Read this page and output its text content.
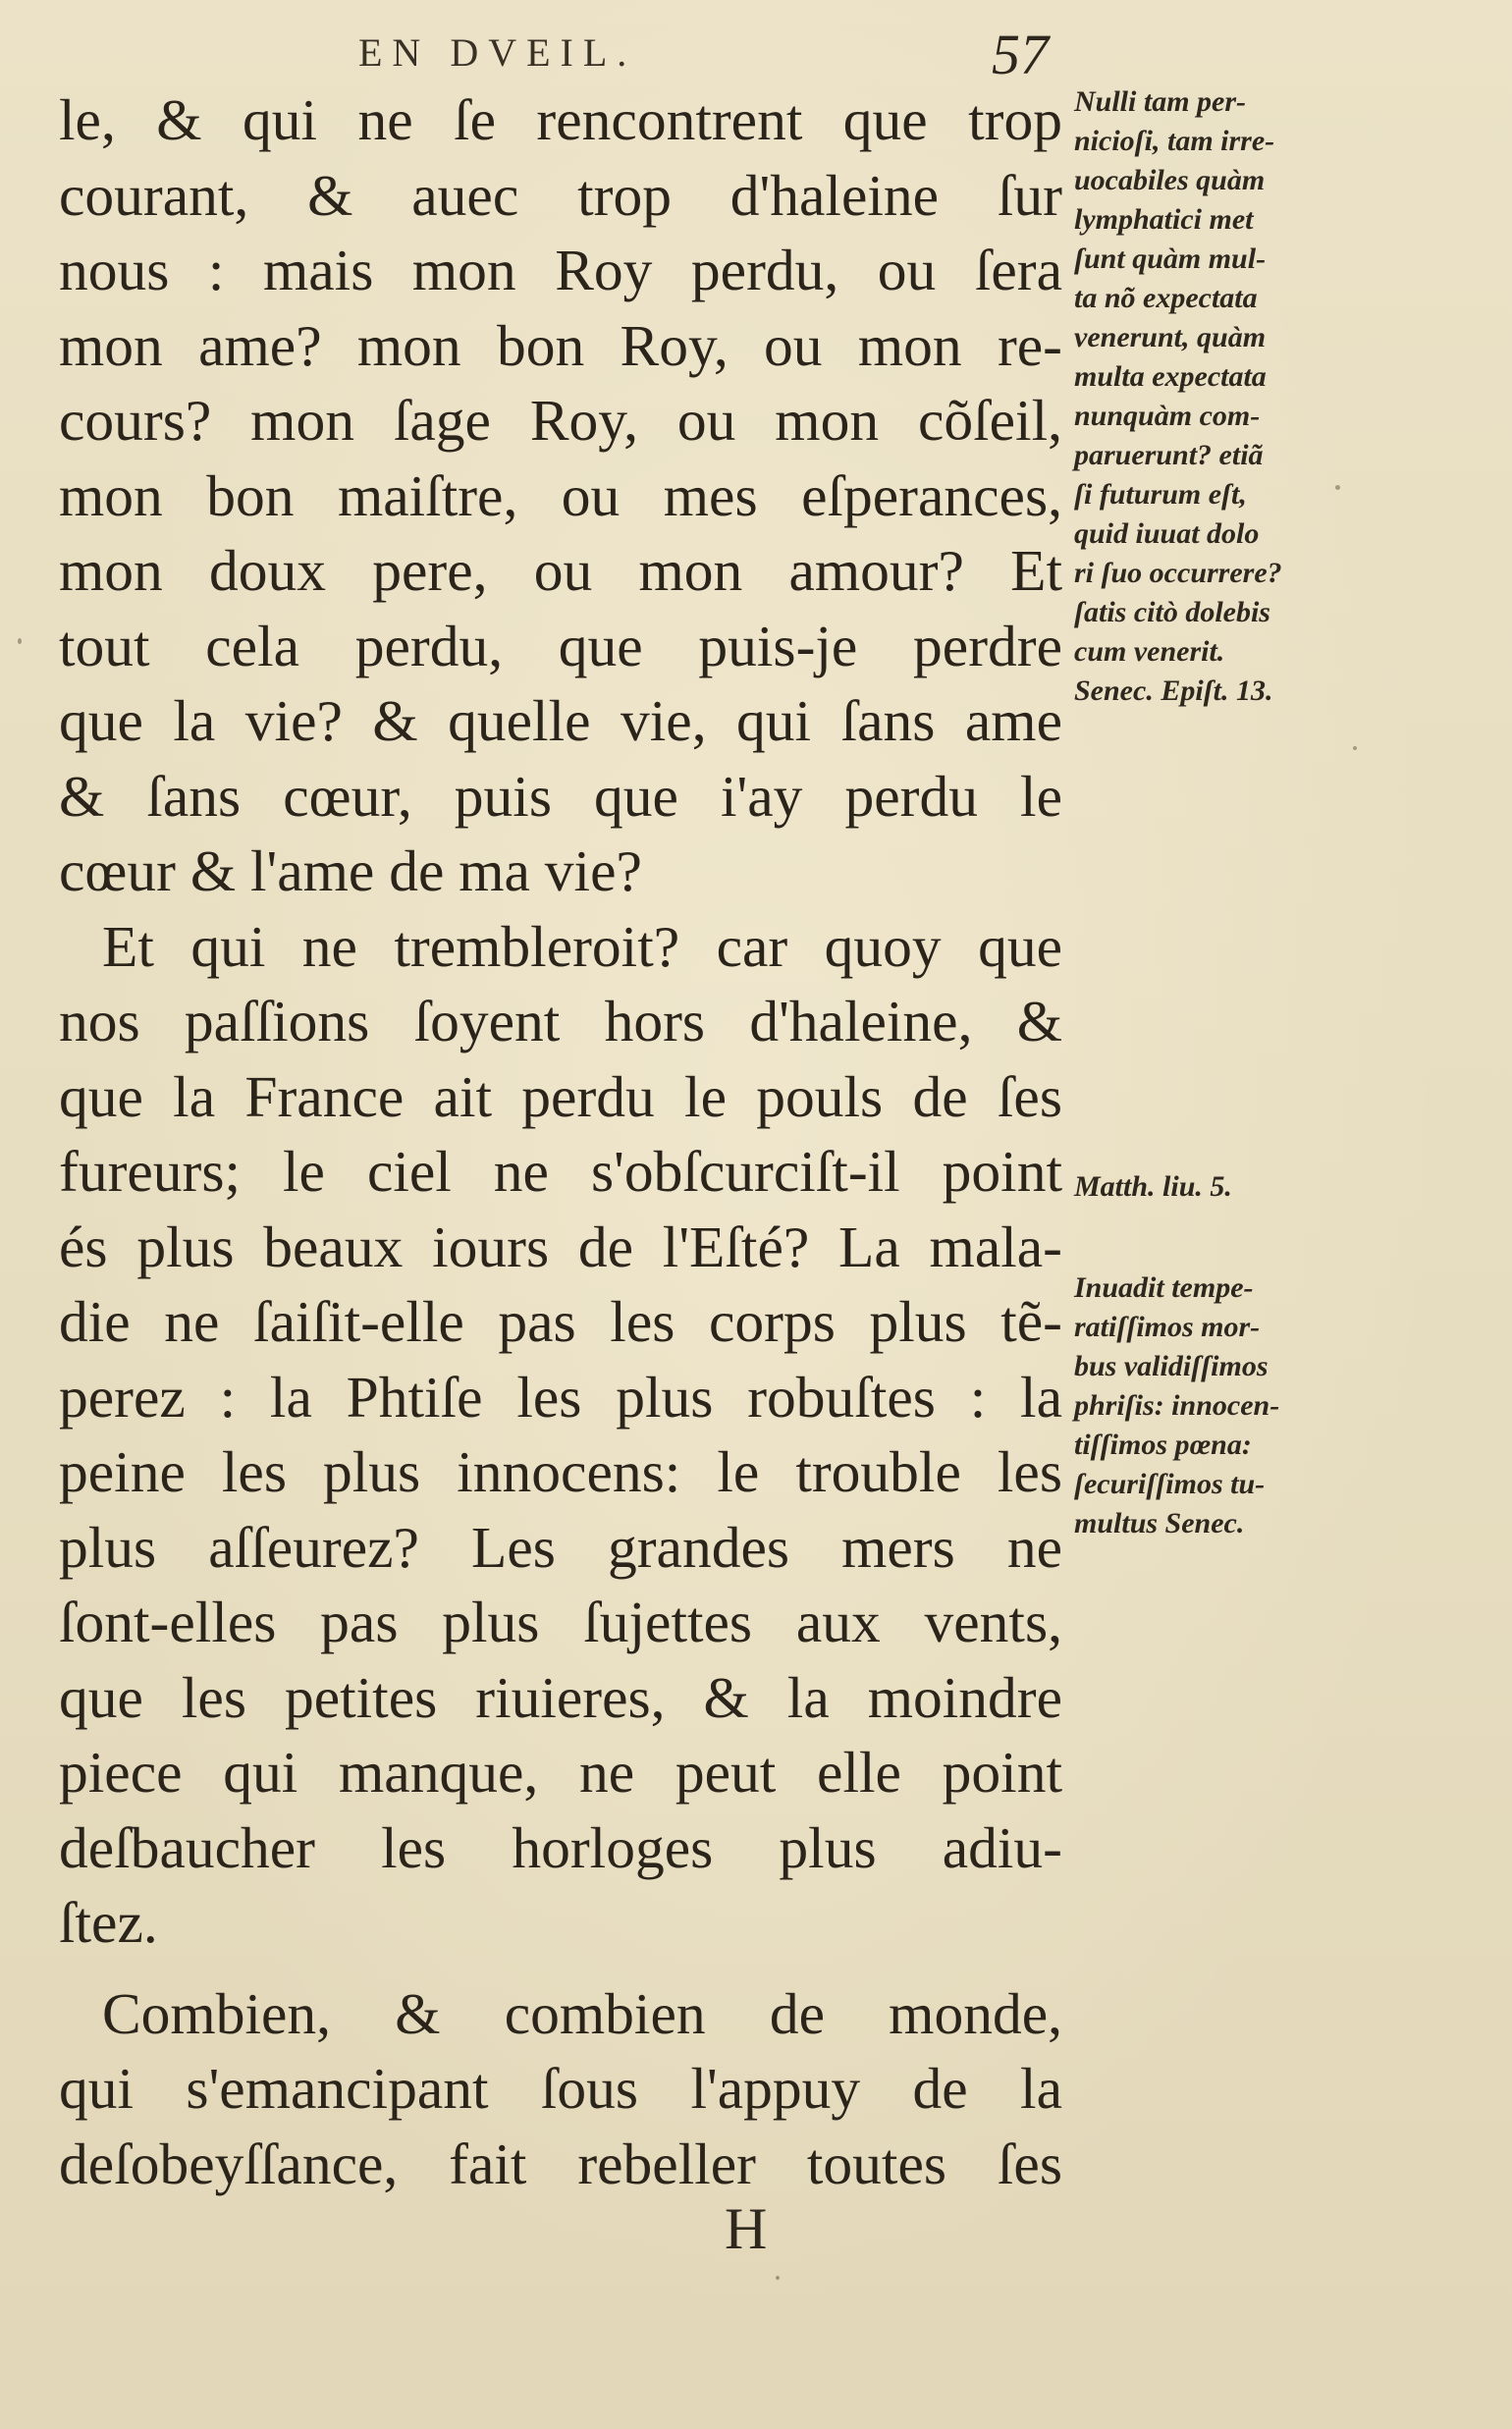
EN DVEIL.	57
le, & qui ne ſe rencontrent que trop
courant, & auec trop d'haleine ſur
nous : mais mon Roy perdu, ou ſera
mon ame? mon bon Roy, ou mon re-
cours? mon ſage Roy, ou mon cõſeil,
mon bon maiſtre, ou mes eſperances,
mon doux pere, ou mon amour? Et
tout cela perdu, que puis-je perdre
que la vie? & quelle vie, qui ſans ame
& ſans cœur, puis que i'ay perdu le
cœur & l'ame de ma vie?
Et qui ne trembleroit? car quoy que
nos paſſions ſoyent hors d'haleine, &
que la France ait perdu le pouls de ſes
fureurs; le ciel ne s'obſcurciſt-il point
és plus beaux iours de l'Eſté? La mala-
die ne ſaiſit-elle pas les corps plus tẽ-
perez : la Phtiſe les plus robuſtes : la
peine les plus innocens: le trouble les
plus aſſeurez? Les grandes mers ne
ſont-elles pas plus ſujettes aux vents,
que les petites riuieres, & la moindre
piece qui manque, ne peut elle point
deſbaucher les horloges plus adiu-
ſtez.
Combien, & combien de monde,
qui s'emancipant ſous l'appuy de la
deſobeyſſance, fait rebeller toutes ſes
Nulli tam per-
nicioſi, tam irre-
uocabiles quàm
lymphatici met
ſunt quàm mul-
ta nõ expectata
venerunt, quàm
multa expectata
nunquàm com-
paruerunt? etiã
ſi futurum eſt,
quid iuuat dolo
ri ſuo occurrere?
ſatis citò dolebis
cum venerit.
Senec. Epiſt. 13.
Matth. liu. 5.
Inuadit tempe-
ratiſſimos mor-
bus validiſſimos
phriſis: innocen-
tiſſimos pœna:
ſecuriſſimos tu-
multus Senec.
H
